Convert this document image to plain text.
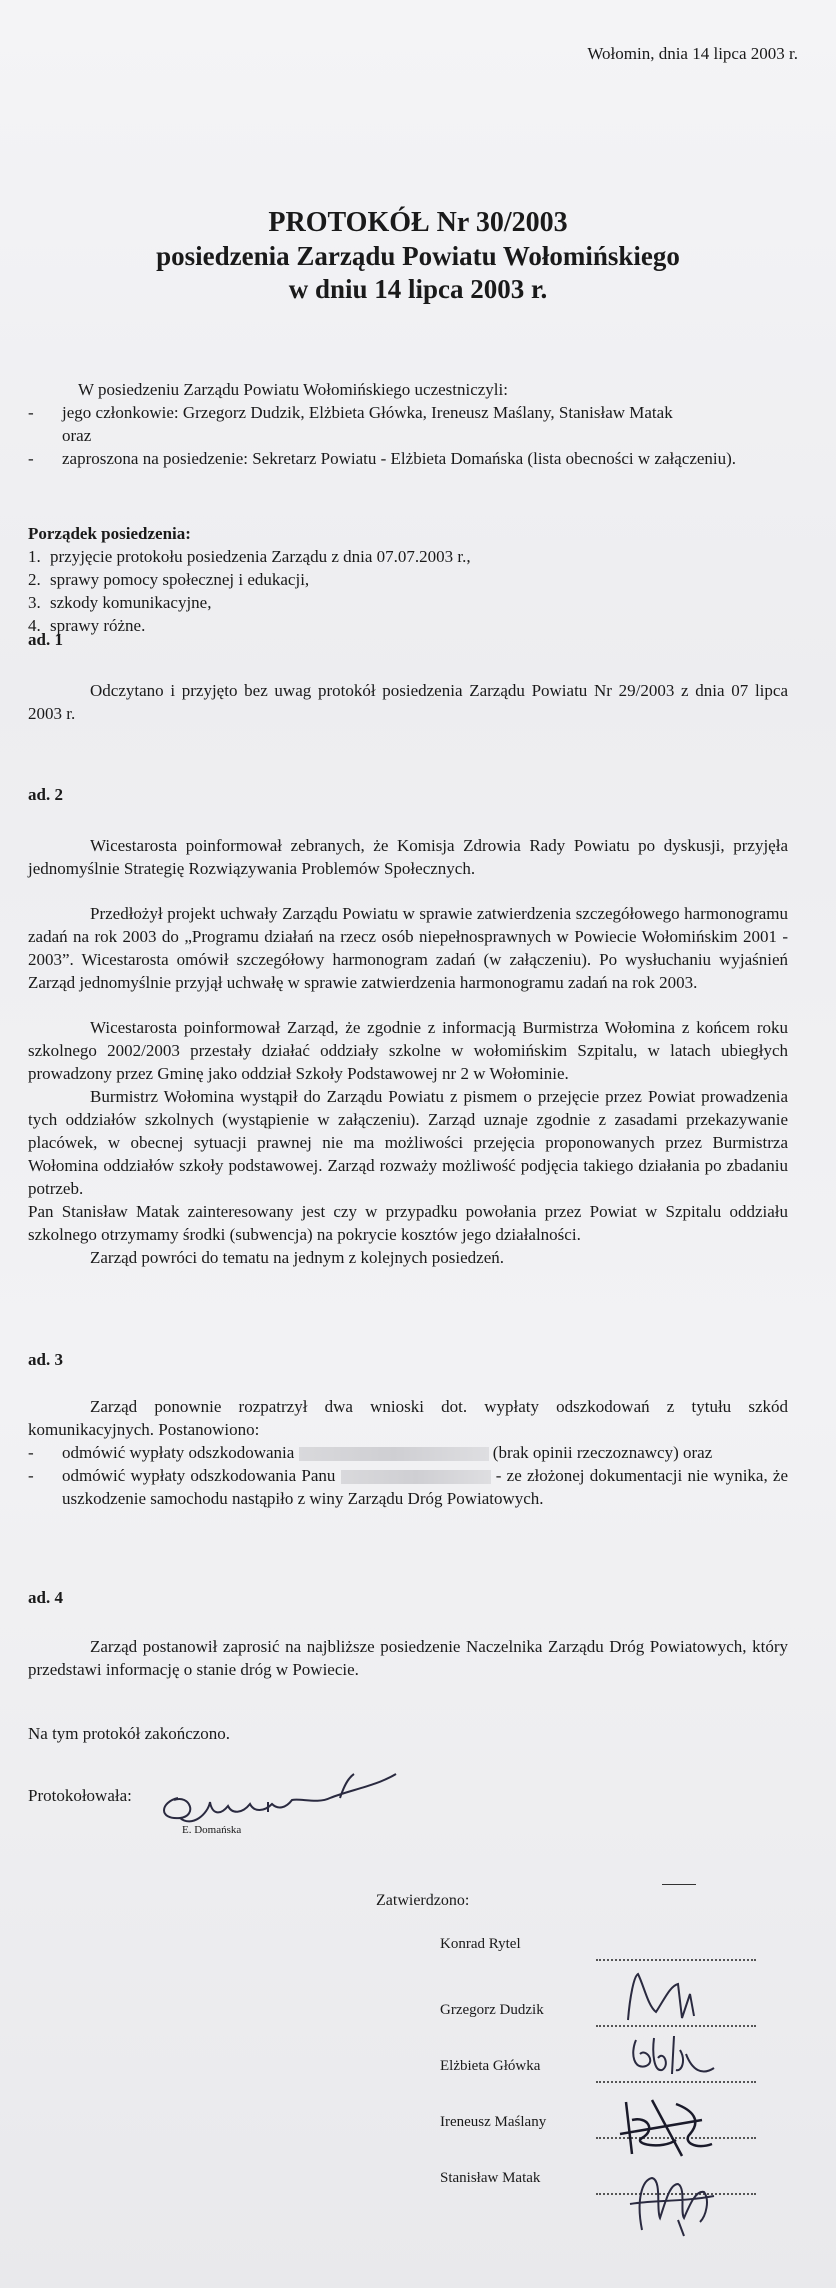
Wołomin, dnia 14 lipca 2003 r.
PROTOKÓŁ Nr 30/2003
posiedzenia Zarządu Powiatu Wołomińskiego
w dniu 14 lipca 2003 r.

W posiedzeniu Zarządu Powiatu Wołomińskiego uczestniczyli:

- jego członkowie: Grzegorz Dudzik, Elżbieta Główka, Ireneusz Maślany, Stanisław Matak
oraz
- zaproszona na posiedzenie: Sekretarz Powiatu - Elżbieta Domańska (lista obecności w załączeniu).

Porządek posiedzenia:

1. przyjęcie protokołu posiedzenia Zarządu z dnia 07.07.2003 r.,
2. sprawy pomocy społecznej i edukacji,
3. szkody komunikacyjne,
4. sprawy różne.

ad. 1

Odczytano i przyjęto bez uwag protokół posiedzenia Zarządu Powiatu Nr 29/2003 z dnia 07 lipca 2003 r.

ad. 2

Wicestarosta poinformował zebranych, że Komisja Zdrowia Rady Powiatu po dyskusji, przyjęła jednomyślnie Strategię Rozwiązywania Problemów Społecznych.

Przedłożył projekt uchwały Zarządu Powiatu w sprawie zatwierdzenia szczegółowego harmonogramu zadań na rok 2003 do „Programu działań na rzecz osób niepełnosprawnych w Powiecie Wołomińskim 2001 - 2003”. Wicestarosta omówił szczegółowy harmonogram zadań (w załączeniu). Po wysłuchaniu wyjaśnień Zarząd jednomyślnie przyjął uchwałę w sprawie zatwierdzenia harmonogramu zadań na rok 2003.

Wicestarosta poinformował Zarząd, że zgodnie z informacją Burmistrza Wołomina z końcem roku szkolnego 2002/2003 przestały działać oddziały szkolne w wołomińskim Szpitalu, w latach ubiegłych prowadzony przez Gminę jako oddział Szkoły Podstawowej nr 2 w Wołominie.

Burmistrz Wołomina wystąpił do Zarządu Powiatu z pismem o przejęcie przez Powiat prowadzenia tych oddziałów szkolnych (wystąpienie w załączeniu). Zarząd uznaje zgodnie z zasadami przekazywanie placówek, w obecnej sytuacji prawnej nie ma możliwości przejęcia proponowanych przez Burmistrza Wołomina oddziałów szkoły podstawowej. Zarząd rozważy możliwość podjęcia takiego działania po zbadaniu potrzeb.

Pan Stanisław Matak zainteresowany jest czy w przypadku powołania przez Powiat w Szpitalu oddziału szkolnego otrzymamy środki (subwencja) na pokrycie kosztów jego działalności.

Zarząd powróci do tematu na jednym z kolejnych posiedzeń.

ad. 3

Zarząd ponownie rozpatrzył dwa wnioski dot. wypłaty odszkodowań z tytułu szkód komunikacyjnych. Postanowiono:

- odmówić wypłaty odszkodowania	(brak opinii rzeczoznawcy) oraz
- odmówić wypłaty odszkodowania Panu	- ze złożonej dokumentacji nie wynika, że uszkodzenie samochodu nastąpiło z winy Zarządu Dróg Powiatowych.

ad. 4

Zarząd postanowił zaprosić na najbliższe posiedzenie Naczelnika Zarządu Dróg Powiatowych, który przedstawi informację o stanie dróg w Powiecie.

Na tym protokół zakończono.

Protokołowała:
E. Domańska
Zatwierdzono:
Konrad Rytel
Grzegorz Dudzik
Elżbieta Główka
Ireneusz Maślany
Stanisław Matak
